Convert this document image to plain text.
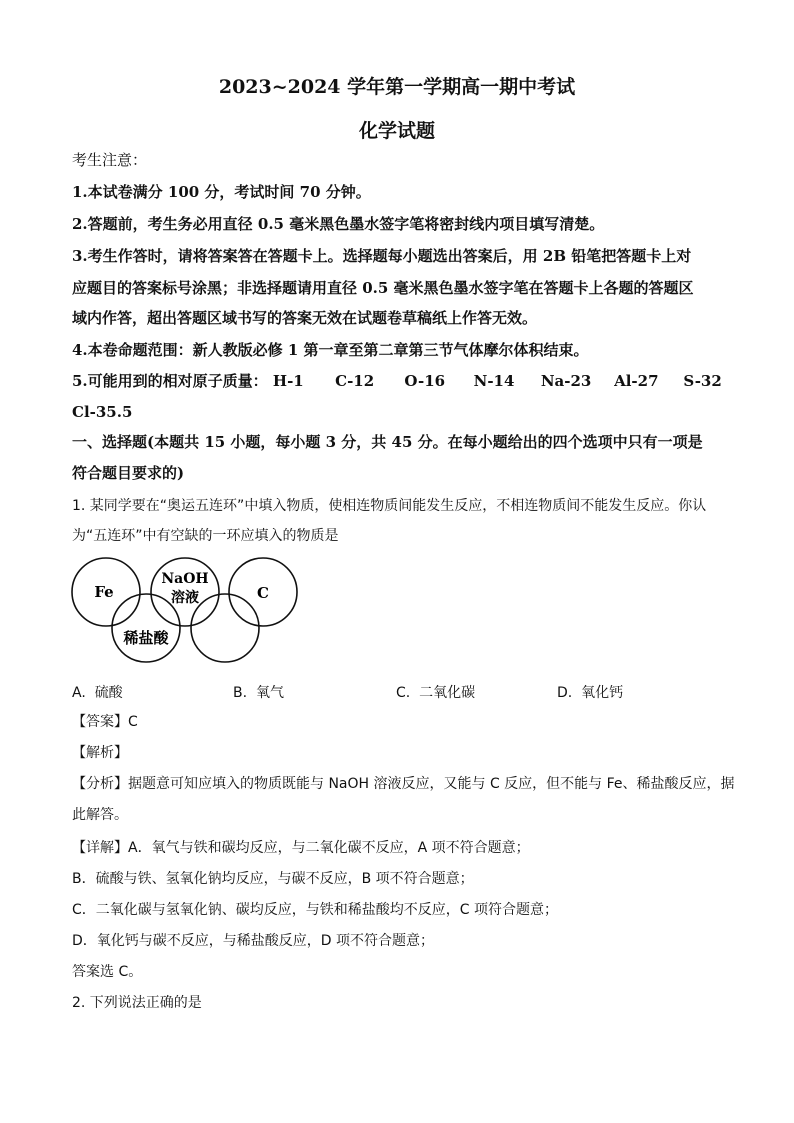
2023~2024 学年第一学期高一期中考试
化学试题
考生注意：
1.本试卷满分 100 分，考试时间 70 分钟。
2.答题前，考生务必用直径 0.5 毫米黑色墨水签字笔将密封线内项目填写清楚。
3.考生作答时，请将答案答在答题卡上。选择题每小题选出答案后，用 2B 铅笔把答题卡上对
应题目的答案标号涂黑；非选择题请用直径 0.5 毫米黑色墨水签字笔在答题卡上各题的答题区
域内作答，超出答题区域书写的答案无效在试题卷草稿纸上作答无效。
4.本卷命题范围：新人教版必修 1 第一章至第二章第三节气体摩尔体积结束。
5.可能用到的相对原子质量： H-1 C-12 O-16 N-14 Na-23 Al-27 S-32
Cl-35.5
一、选择题(本题共 15 小题，每小题 3 分，共 45 分。在每小题给出的四个选项中只有一项是
符合题目要求的)
1. 某同学要在“奥运五连环”中填入物质，使相连物质间能发生反应，不相连物质间不能发生反应。你认
为“五连环”中有空缺的一环应填入的物质是
Fe
NaOH
溶液	C
稀盐酸
A. 硫酸	B. 氧气	C. 二氧化碳	D. 氧化钙
【答案】C
【解析】
【分析】据题意可知应填入的物质既能与 NaOH 溶液反应，又能与 C 反应，但不能与 Fe、稀盐酸反应，据
此解答。
【详解】A．氧气与铁和碳均反应，与二氧化碳不反应，A 项不符合题意；
B．硫酸与铁、氢氧化钠均反应，与碳不反应，B 项不符合题意；
C．二氧化碳与氢氧化钠、碳均反应，与铁和稀盐酸均不反应，C 项符合题意；
D．氧化钙与碳不反应，与稀盐酸反应，D 项不符合题意；
答案选 C。
2. 下列说法正确的是
